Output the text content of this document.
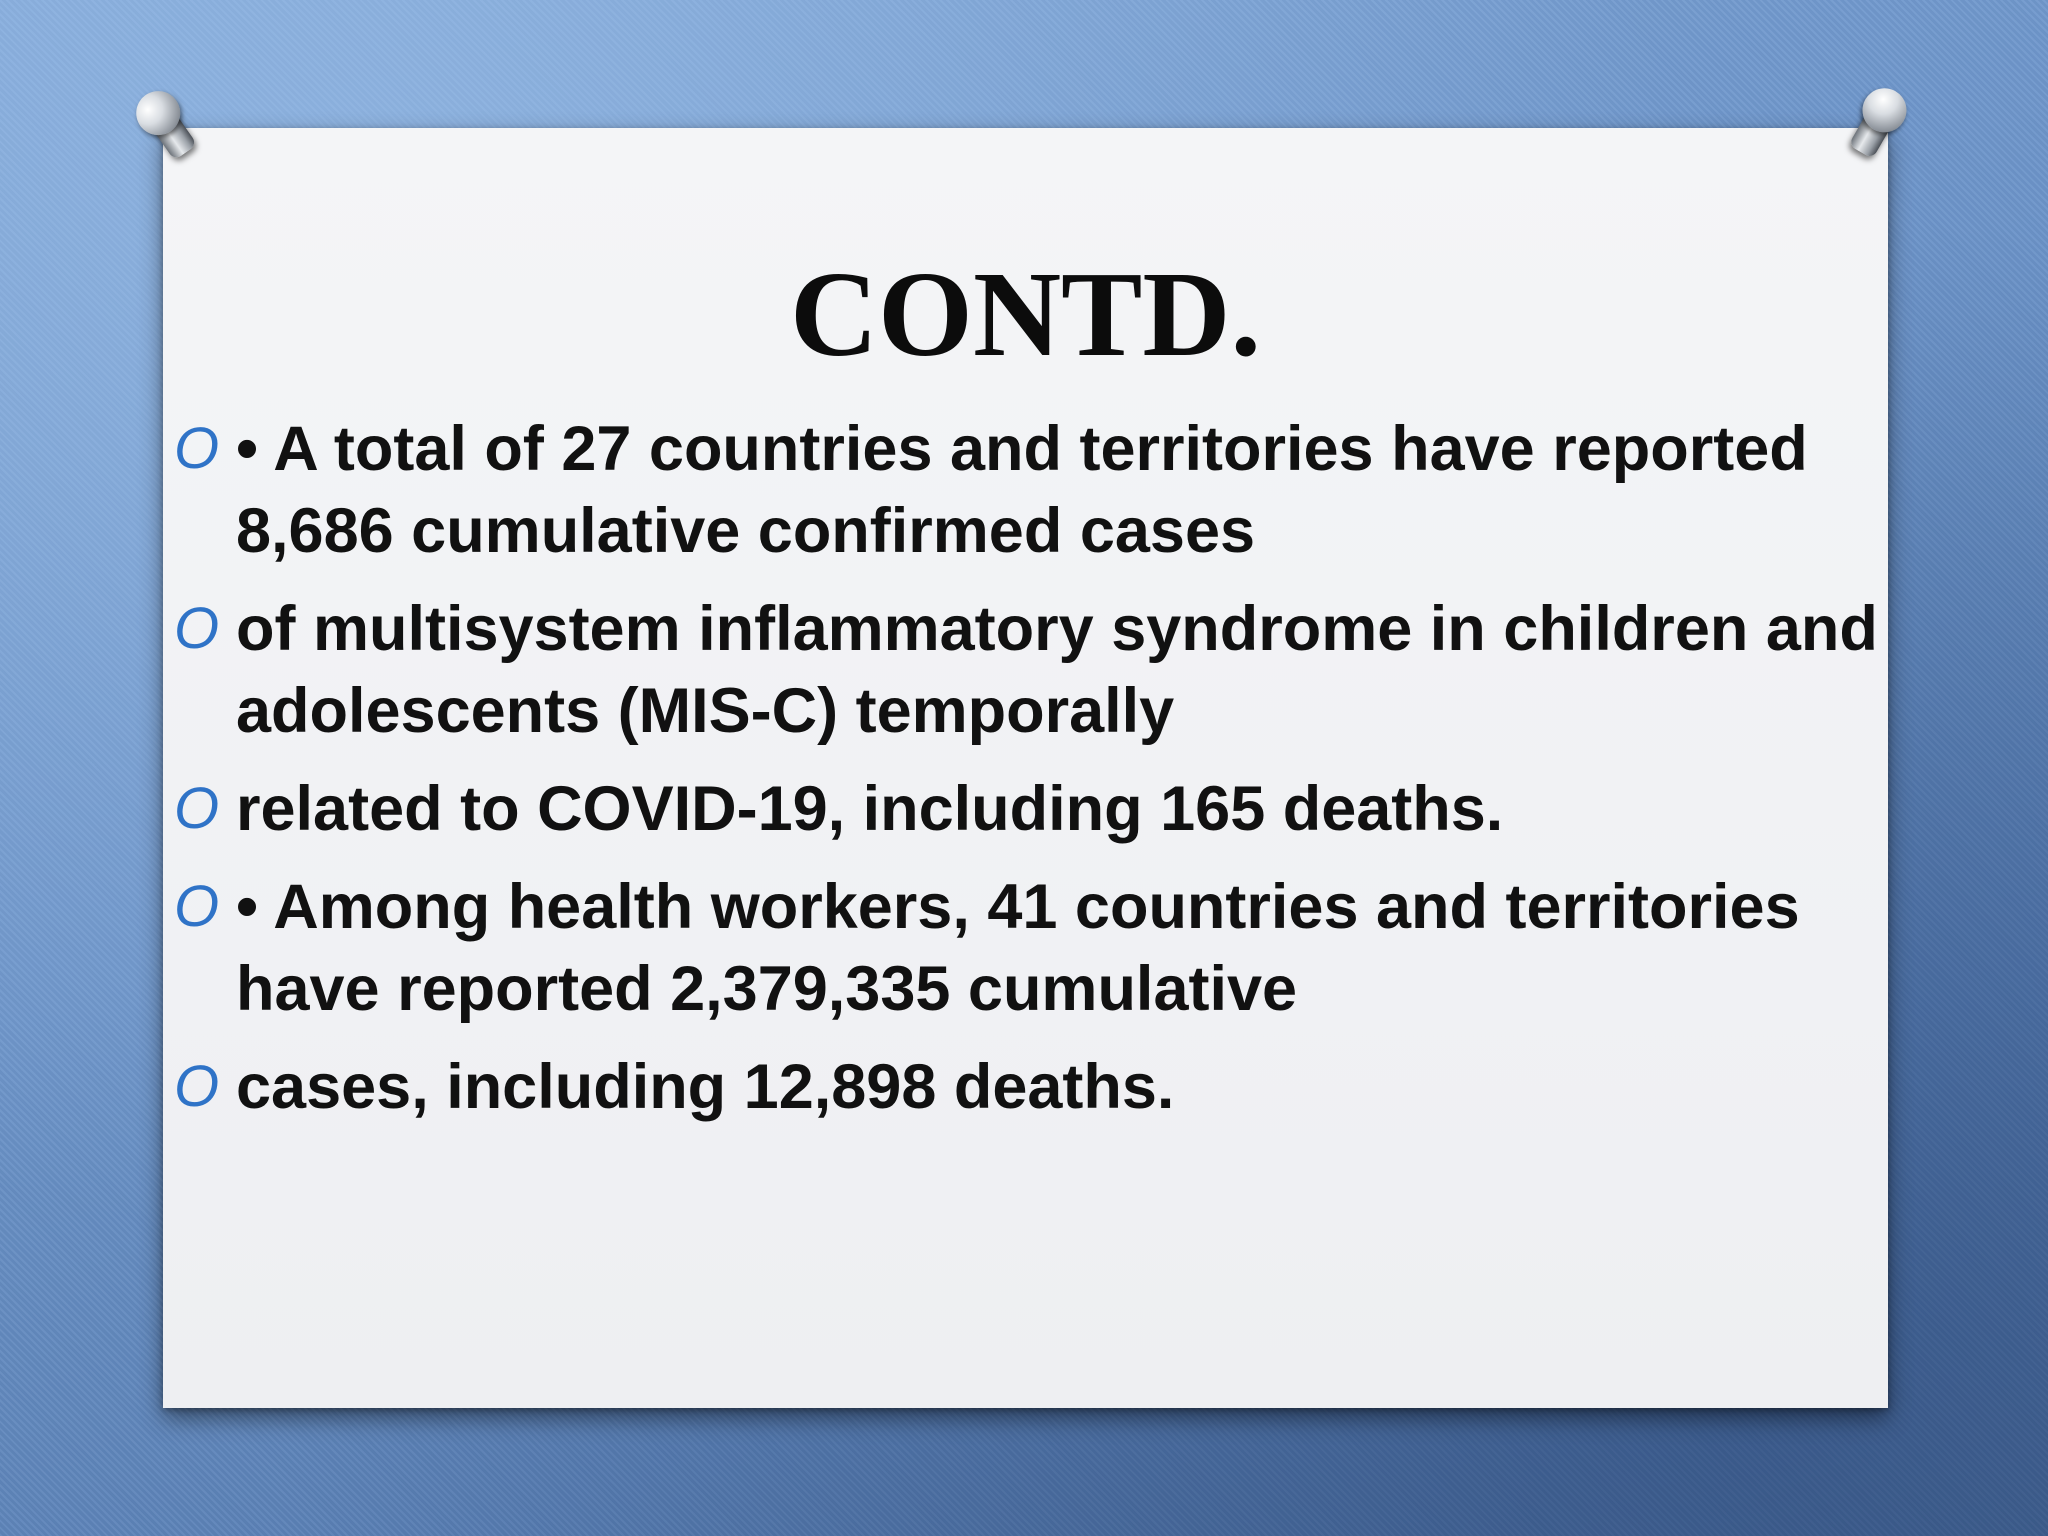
CONTD.
O • A total of 27 countries and territories have reported 8,686 cumulative confirmed cases
O of multisystem inflammatory syndrome in children and adolescents (MIS-C) temporally
O related to COVID-19, including 165 deaths.
O • Among health workers, 41 countries and territories have reported 2,379,335 cumulative
O cases, including 12,898 deaths.
